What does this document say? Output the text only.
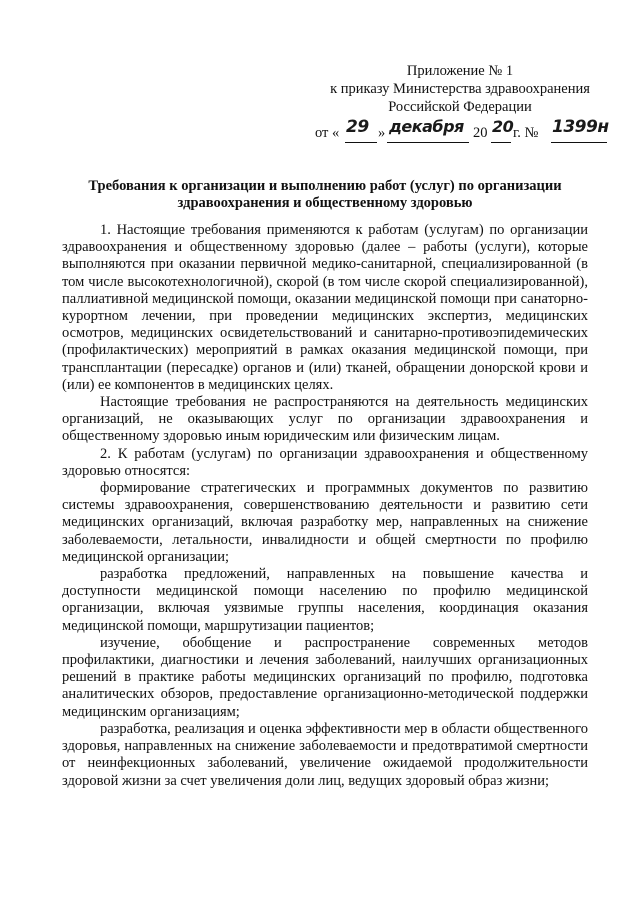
Приложение № 1
к приказу Министерства здравоохранения
Российской Федерации
от « 29 » декабря 20 20 г. № 1399н
Требования к организации и выполнению работ (услуг) по организации здравоохранения и общественному здоровью

1. Настоящие требования применяются к работам (услугам) по организации здравоохранения и общественному здоровью (далее – работы (услуги), которые выполняются при оказании первичной медико-санитарной, специализированной (в том числе высокотехнологичной), скорой (в том числе скорой специализированной), паллиативной медицинской помощи, оказании медицинской помощи при санаторно-курортном лечении, при проведении медицинских экспертиз, медицинских осмотров, медицинских освидетельствований и санитарно-противоэпидемических (профилактических) мероприятий в рамках оказания медицинской помощи, при трансплантации (пересадке) органов и (или) тканей, обращении донорской крови и (или) ее компонентов в медицинских целях.

Настоящие требования не распространяются на деятельность медицинских организаций, не оказывающих услуг по организации здравоохранения и общественному здоровью иным юридическим или физическим лицам.

2. К работам (услугам) по организации здравоохранения и общественному здоровью относятся:

формирование стратегических и программных документов по развитию системы здравоохранения, совершенствованию деятельности и развитию сети медицинских организаций, включая разработку мер, направленных на снижение заболеваемости, летальности, инвалидности и общей смертности по профилю медицинской организации;

разработка предложений, направленных на повышение качества и доступности медицинской помощи населению по профилю медицинской организации, включая уязвимые группы населения, координация оказания медицинской помощи, маршрутизации пациентов;

изучение, обобщение и распространение современных методов профилактики, диагностики и лечения заболеваний, наилучших организационных решений в практике работы медицинских организаций по профилю, подготовка аналитических обзоров, предоставление организационно-методической поддержки медицинским организациям;

разработка, реализация и оценка эффективности мер в области общественного здоровья, направленных на снижение заболеваемости и предотвратимой смертности от неинфекционных заболеваний, увеличение ожидаемой продолжительности здоровой жизни за счет увеличения доли лиц, ведущих здоровый образ жизни;
